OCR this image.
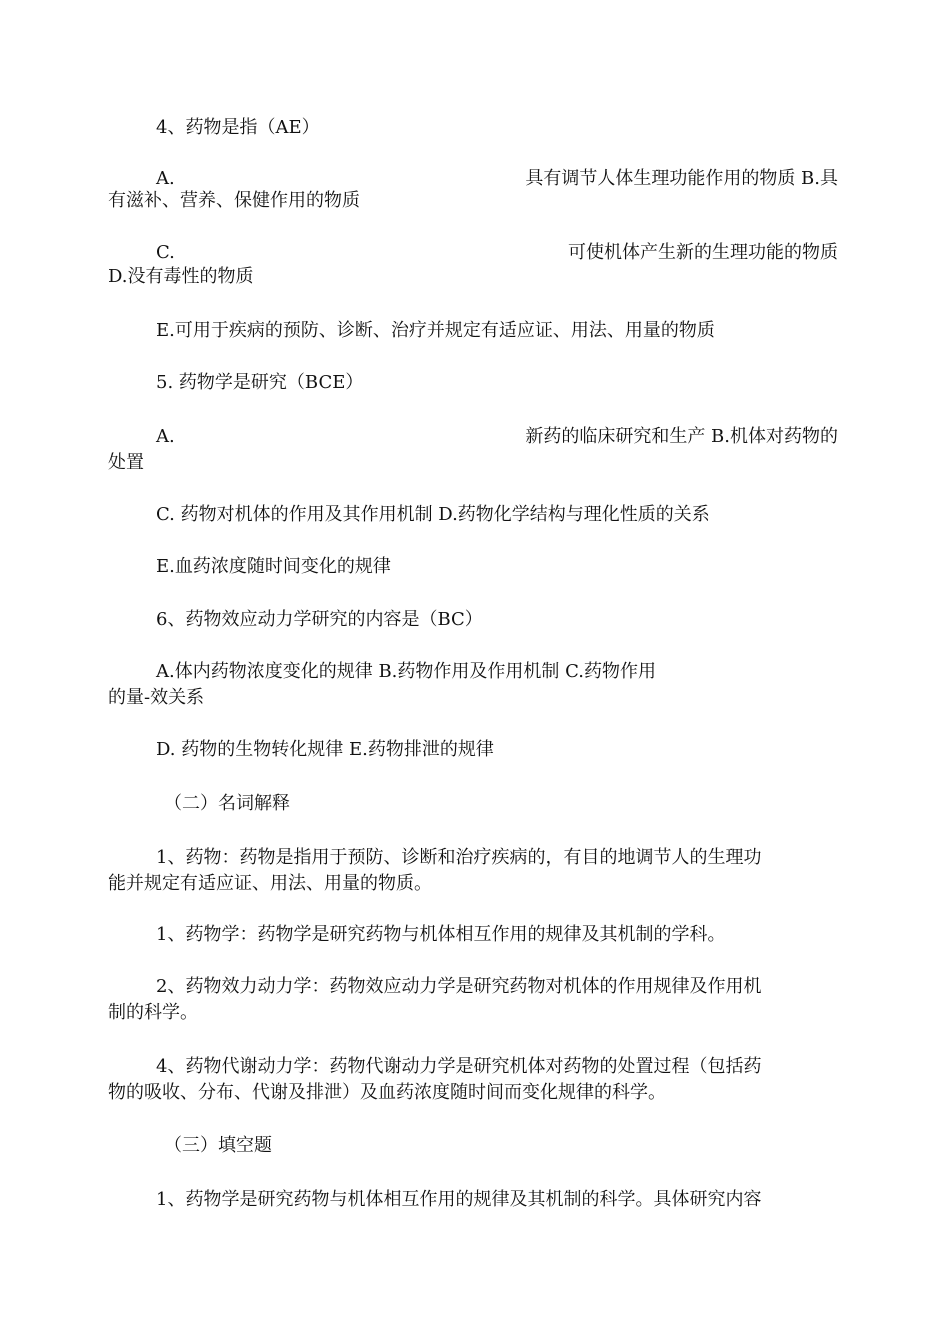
4、药物是指（AE）
A.	具有调节人体生理功能作用的物质 B.具
有滋补、营养、保健作用的物质
C.	可使机体产生新的生理功能的物质
D.没有毒性的物质
E.可用于疾病的预防、诊断、治疗并规定有适应证、用法、用量的物质
5. 药物学是研究（BCE）
A.	新药的临床研究和生产 B.机体对药物的
处置
C. 药物对机体的作用及其作用机制 D.药物化学结构与理化性质的关系
E.血药浓度随时间变化的规律
6、药物效应动力学研究的内容是（BC）
A.体内药物浓度变化的规律 B.药物作用及作用机制 C.药物作用
的量-效关系
D. 药物的生物转化规律 E.药物排泄的规律
（二）名词解释
1、药物：药物是指用于预防、诊断和治疗疾病的，有目的地调节人的生理功
能并规定有适应证、用法、用量的物质。
1、药物学：药物学是研究药物与机体相互作用的规律及其机制的学科。
2、药物效力动力学：药物效应动力学是研究药物对机体的作用规律及作用机
制的科学。
4、药物代谢动力学：药物代谢动力学是研究机体对药物的处置过程（包括药
物的吸收、分布、代谢及排泄）及血药浓度随时间而变化规律的科学。
（三）填空题
1、药物学是研究药物与机体相互作用的规律及其机制的科学。具体研究内容
